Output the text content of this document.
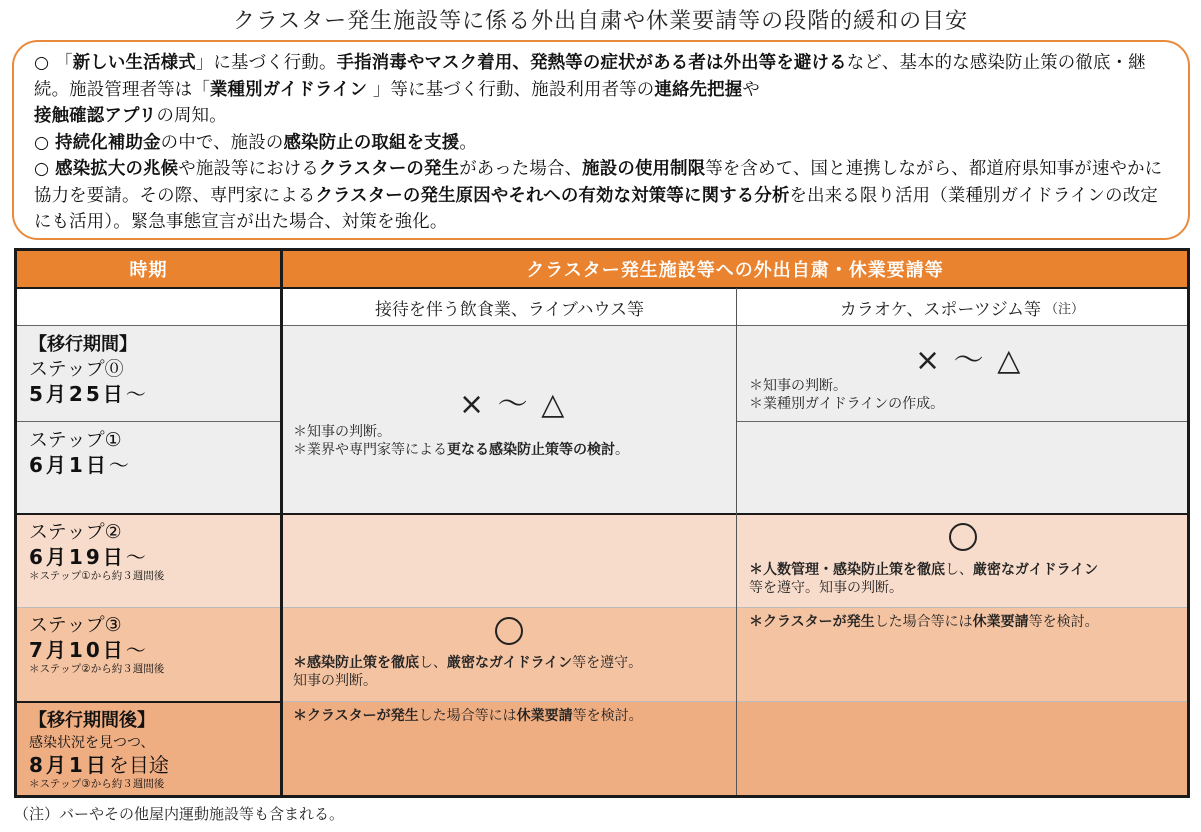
クラスター発生施設等に係る外出自粛や休業要請等の段階的緩和の目安

○ 「新しい生活様式」に基づく行動。手指消毒やマスク着用、発熱等の症状がある者は外出等を避けるなど、基本的な感染防止策の徹底・継続。施設管理者等は「業種別ガイドライン 」等に基づく行動、施設利用者等の連絡先把握や
接触確認アプリの周知。

○ 持続化補助金の中で、施設の感染防止の取組を支援。

○ 感染拡大の兆候や施設等におけるクラスターの発生があった場合、施設の使用制限等を含めて、国と連携しながら、都道府県知事が速やかに協力を要請。その際、専門家によるクラスターの発生原因やそれへの有効な対策等に関する分析を出来る限り活用（業種別ガイドラインの改定にも活用）。緊急事態宣言が出た場合、対策を強化。

時期	クラスター発生施設等への外出自粛・休業要請等
接待を伴う飲食業、ライブハウス等	カラオケ、スポーツジム等 （注）
【移行期間】
ステップ⓪
5月25日〜
ステップ①
6月1日〜
ステップ②
6月19日〜
＊ステップ①から約３週間後
ステップ③
7月10日〜
＊ステップ②から約３週間後
【移行期間後】
感染状況を見つつ、
8月1日を目途
＊ステップ③から約３週間後
× 〜 △
＊知事の判断。
＊業界や専門家等による更なる感染防止策等の検討。
× 〜 △
＊知事の判断。
＊業種別ガイドラインの作成。
＊人数管理・感染防止策を徹底し、厳密なガイドライン
等を遵守。知事の判断。
＊感染防止策を徹底し、厳密なガイドライン等を遵守。
知事の判断。
＊クラスターが発生した場合等には休業要請等を検討。
＊クラスターが発生した場合等には休業要請等を検討。
（注）バーやその他屋内運動施設等も含まれる。
